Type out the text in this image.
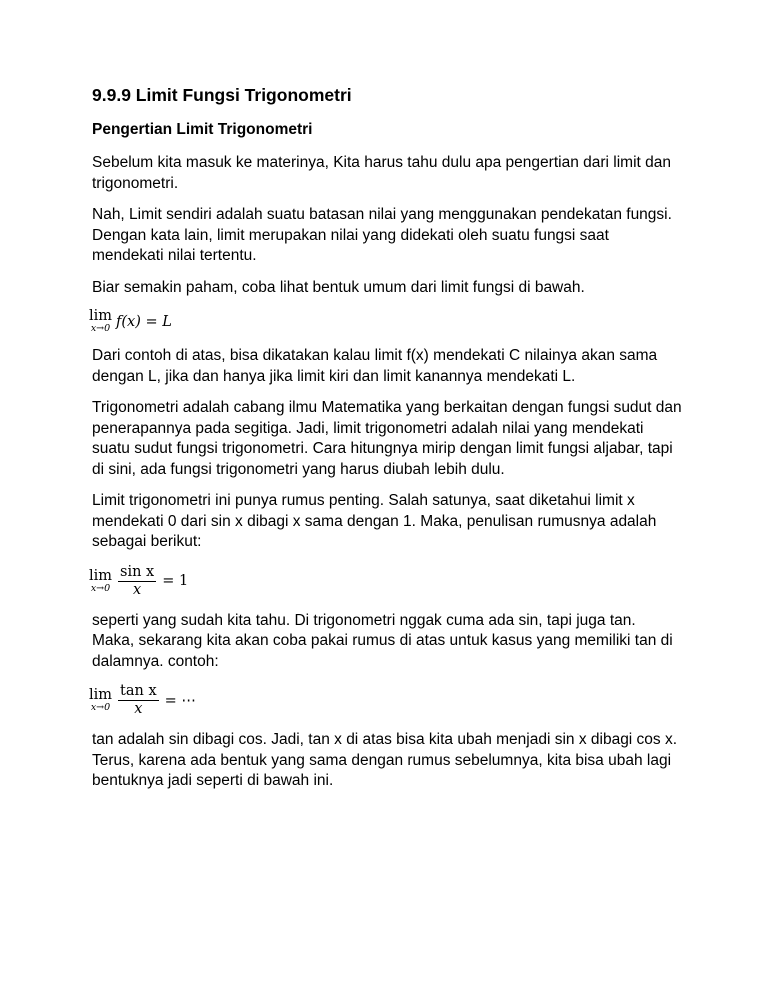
9.9.9 Limit Fungsi Trigonometri
Pengertian Limit Trigonometri

Sebelum kita masuk ke materinya, Kita harus tahu dulu apa pengertian dari limit dan trigonometri.

Nah, Limit sendiri adalah suatu batasan nilai yang menggunakan pendekatan fungsi. Dengan kata lain, limit merupakan nilai yang didekati oleh suatu fungsi saat mendekati nilai tertentu.

Biar semakin paham, coba lihat bentuk umum dari limit fungsi di bawah.

lim
x→0 f(x) = L

Dari contoh di atas, bisa dikatakan kalau limit f(x) mendekati C nilainya akan sama dengan L, jika dan hanya jika limit kiri dan limit kanannya mendekati L.

Trigonometri adalah cabang ilmu Matematika yang berkaitan dengan fungsi sudut dan penerapannya pada segitiga. Jadi, limit trigonometri adalah nilai yang mendekati suatu sudut fungsi trigonometri. Cara hitungnya mirip dengan limit fungsi aljabar, tapi di sini, ada fungsi trigonometri yang harus diubah lebih dulu.

Limit trigonometri ini punya rumus penting. Salah satunya, saat diketahui limit x mendekati 0 dari sin x dibagi x sama dengan 1. Maka, penulisan rumusnya adalah sebagai berikut:

lim
$x\to 0 \frac{\text{sin x}}{x} = 1$

seperti yang sudah kita tahu. Di trigonometri nggak cuma ada sin, tapi juga tan. Maka, sekarang kita akan coba pakai rumus di atas untuk kasus yang memiliki tan di dalamnya. contoh:

lim
$x\to 0 \frac{\text{tan x}}{x}$ = ⋯

tan adalah sin dibagi cos. Jadi, tan x di atas bisa kita ubah menjadi sin x dibagi cos x. Terus, karena ada bentuk yang sama dengan rumus sebelumnya, kita bisa ubah lagi bentuknya jadi seperti di bawah ini.
